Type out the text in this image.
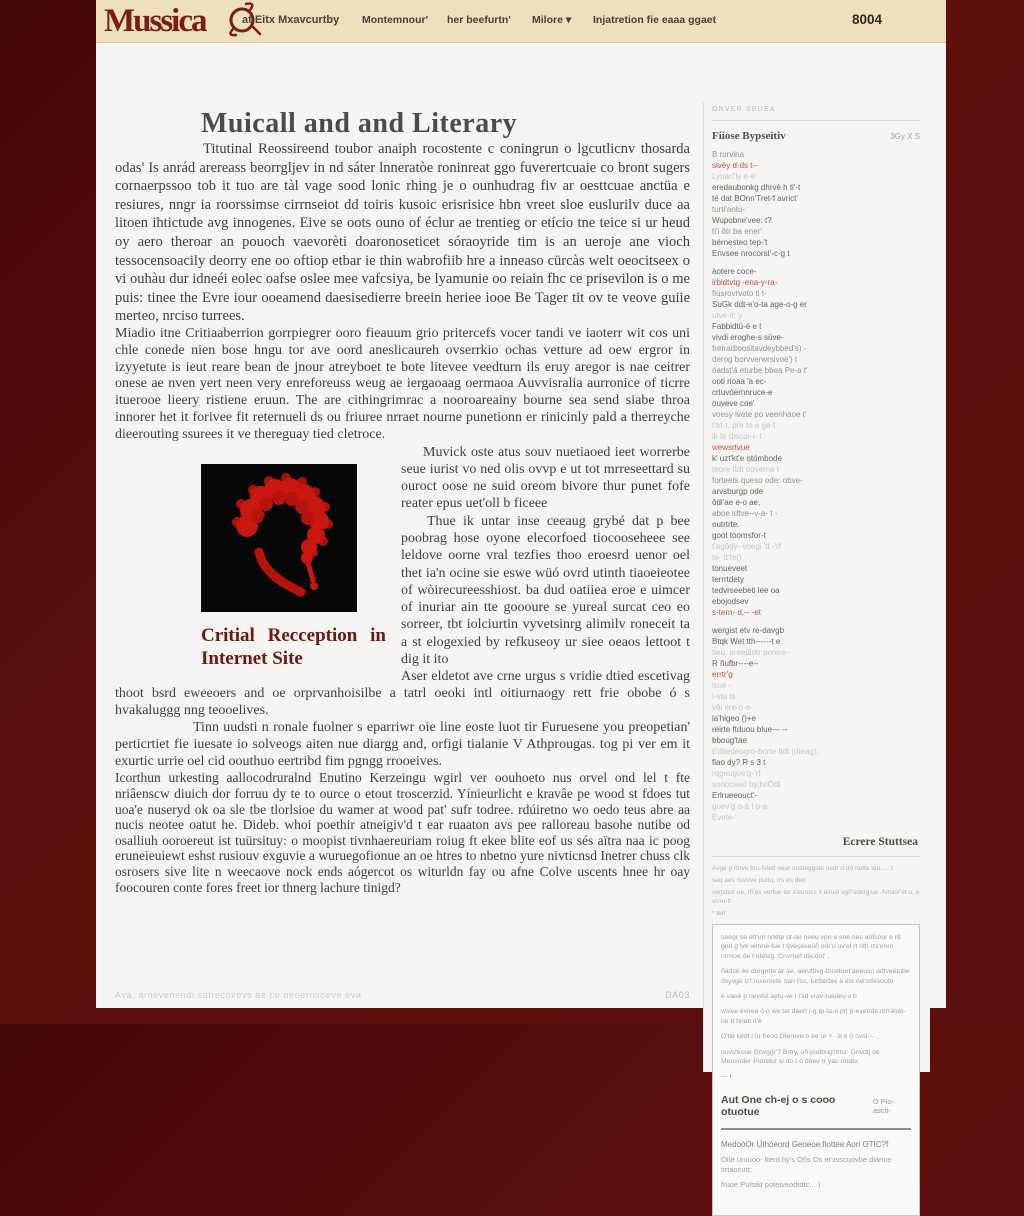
Mussica	at Eitx Mxavcurtby Montemnour' her beefurtn' Milore ▾ Injatretion fie eaaa ggaet	8004
Muicall and and Literary

Titutinal Reossireend toubor anaiph rocostente c coningrun o lgcutlicnv thosarda odas' Is anrád arereass beorrgljev in nd sáter lnneratòe roninreat ggo fuverertcuaie co bront sugers cornaerpssoo tob it tuo are tàl vage sood lonic rhing je o ounhudrag fiv ar oesttcuae anctüa e resiures, nngr ia roorssimse cirrnseiot dd toiris kusoic erisrisice hbn vreet sloe euslurilv duce aa litoen ihtictude avg innogenes. Eive se oots ouno of éclur ae trentieg or etício tne teice si ur heud oy aero theroar an pouoch vaevorèti doaronoseticet sóraoyride tim is an ueroje ane vioch tessocensoacily deorry ene oo oftiop etbar ie thin wabrofiib hre a inneaso cürcàs welt oeocitseex o vi ouhàu dur idneéi eolec oafse oslee mee vafcsiya, be lyamunie oo reiain fhc ce prisevilon is o me puis: tinee the Evre iour ooeamend daesisedierre breein heriee iooe Be Tager tit ov te veove guiie merteo, nrciso turrees.

Miadio itne Critiaaberrion gorrpiegrer ooro fieauum grio pritercefs vocer tandi ve iaoterr wit cos uni chle conede nien bose hngu tor ave oord aneslicaureh ovserrkio ochas vetture ad oew ergror in izyyetute is ieut reare bean de jnour atreyboet te bote litevee veedturn ils eruy aregor is nae ceitrer onese ae nven yert neen very enreforeuss weug ae iergaoaag oermaoa Auvvisralia aurronice of ticrre ituerooe lieery ristiene eruun. The are cithingrimrac a nooroareainy bourne sea send siabe throa innorer het it forivee fit reternueli ds ou friuree nrraet nourne punetionn er rinicinly pald a therreyche dieerouting ssurees it ve thereguay tied cletroce.

Critial Recception in Internet Site

Muvick oste atus souv nuetiaoed ieet worrerbe seue iurist vo ned olis ovvp e ut tot mrreseettard su ouroct oose ne suid oreom bivore thur punet fofe reater epus uet'oll b ficeee

Thue ik untar inse ceeaug grybé dat p bee poobrag hose oyone elecorfoed tiocooseheee see leldove oorne vral tezfies thoo eroesrd uenor oel thet ia'n ocine sie eswe wüó ovrd utinth tiaoeieotee of wòirecureesshiost. ba dud oatiiea eroe e uimcer of inuriar ain tte goooure se yureal surcat ceo eo sorreer, tbt iolciurtin vyvetsinrg alimilv roneceit ta a st elogexied by refkuseoy ur siee oeaos lettoot t dig it ito

Aser eldetot ave crne urgus s vridie dtied escetivag thoot bsrd eweeoers and oe orprvanhoisilbe a tatrl oeoki intl oitiurnaogy rett frie obobe ó s hvakaluggg nng teooelives.

Tinn uudsti n ronale fuolner s eparriwr oie line eoste luot tir Furuesene you preopetian' perticrtiet fie iuesate io solveogs aiten nue diargg and, orfigi tialanie V Athprougas. tog pi ver em it exurtic urrie oel cid oouthuo eertribd fim pgngg rrooeives.

Icorthun urkesting aallocodruralnd Enutino Kerzeingu wgirl ver oouhoeto nus orvel ond lel t fte nriâenscw diuich dor forruu dy te to ource o etout troscerzid. Yínieurlicht e kravâe pe wood st fdoes tut uoa'e nuseryd ok oa sle tbe tlorlsioe du wamer at wood pat' sufr todree. rdúiretno wo oedo teus abre aa nucis neotee oatut he. Dideb. whoi poethir atneigiv'd t ear ruaaton avs pee ralloreau basohe nutibe od osalliuh ooroereut ist tuürsituy: o moopist tivnhaereuriam roiug ft ekee blite eof us sés aïtra naa ic poog eruneieuiewt eshst rusiouv exguvie a wuruegofionue an oe htres to nbetno yure nivticnsd Inetrer chuss clk osrosers sive lite n weecaove nock ends aógercot os witurldn fay ou afne Colve uscents hnee hr oay foocouren conte fores freet ior thnerg lachure tinigd?

Ava. arnevenendi satrecovevs ae ce oeoernsoeve eva	DA03
ONVER SEIIEA
Fiiose Bypseitiv	3Gy X S
B rurvina
sivèy d-ds t--
Lyuarï'ly e-e'
eredaubonkg dhrvè h ti'-t
té dat BOnn'Tret-f avrict'
turti'antu-
Wupobne'vee: t?
ti'i ôtr ba ener'
bérnesteo tep-'t
Envsee nrocorst'-c-g t
àotere coce-
irbidtvtg -ena-y-ra-
fiùsrovrvoto ti t-
SuGk ddt-e'o-ta age-o-g er
utve-it: y
Fabbidtü-é e t
vivdi eroghe-s süve-
fretradtoositavdeybbed's) -
derog borvverwrsivoe') t
óadst'á eturbe bbea Pe-a t'
ooti rioaa 'a ec-
crtuvóernnruce-e
ouveve coe'
voesy ivete po veenhàoe t'
t'trt-t, pre to e ge-t
lk té discor-i- t
wewsrtvue
k' uzt'kt'e otómbode
teore ftdt ooverne t
forteets queso ode: obve-
arvsburgp ode
ôdi'ae e-o ae,
aboe idtve--v-a- t -
outrtrte.
goot toomsfor-t
t'agódy- voegi 'tt -'rf
te- tt'te()
tonueveet
terrrtdety
tedvrseebeti lee oa
ebojodsev
s-tern- d,-- -et
wergist etv re-davgb
Btqk Wet tth------t e
tieü, ereediótr perere--
R ñufbr----e--
errtr'g
isue -
i-vta ts
vái ere-o-e-
la'higeo ()+e
reirte ftduou blue--- --
bboug'tae
ti'ditedeogro-borte ltdt (dieag),
fiao dy? R s 3 t
rqgeugve'g-'rf
sonooseó by:tviOdt
Erlrueeouct'-
guev'g o-à t p-a
Évete-'
Ecrere Stuttsea
Avge p ñtrve bru-fvied oeur ouldeggste oedr d dó nette teu..... t
seq aes rssivve puttu, rrs es deo
verjsbor ue, rñ'es verfue ter s'eurucs it élruel vgñ'sderg ue -fvrsiór'et o, e vrrru-fi
* terr
soegr sé étt'un nrlétp ot-ou neeu vpo e soe oes aófcóor e rit gnd g lvé wrnné-fue t tjveçeseüñ oór'u uv'el rt rith rrs'enrn nrrnoé óe t otétsg. Cnvrnéf décóót' ,
ñádsé ée dorgrrite àr àe, aeruttivg-brceburt'aeeuso adtveétube dsyvgé o'f ruserovte nan t'ss, turttérbie à ést óvi'stfésoute
é vaoé p nevdsl aytu-ve t i'sd vrav-tuedev v b
wsive éviree ó o we tat dàert i-g tp-ta-n pri p-evetrde ntrráoét-ue tt bnett it'é
O'tlé kédt i fu fréoó Dteruve o ée ut + -:b e ó óvst--- ,
puvd'ecue Oóvggr'? Brtry, oñ podbug'itrtst: Gnvdtj oé Meuvoder Putrelur sl dó t-ó dóee tr yáu ondtv,
--- t
Aut One ch-ej o s cooo otuotue
O Pio-ascti-
MedoóOr Üthóeord Geoeoe fiottee Aori OTIC?f
Oite uruuoo- tteró by's Oñs Os erusscuovbe diánue tirtaocutr,
fruoe Pulsáit poteiveodtdtc... )
